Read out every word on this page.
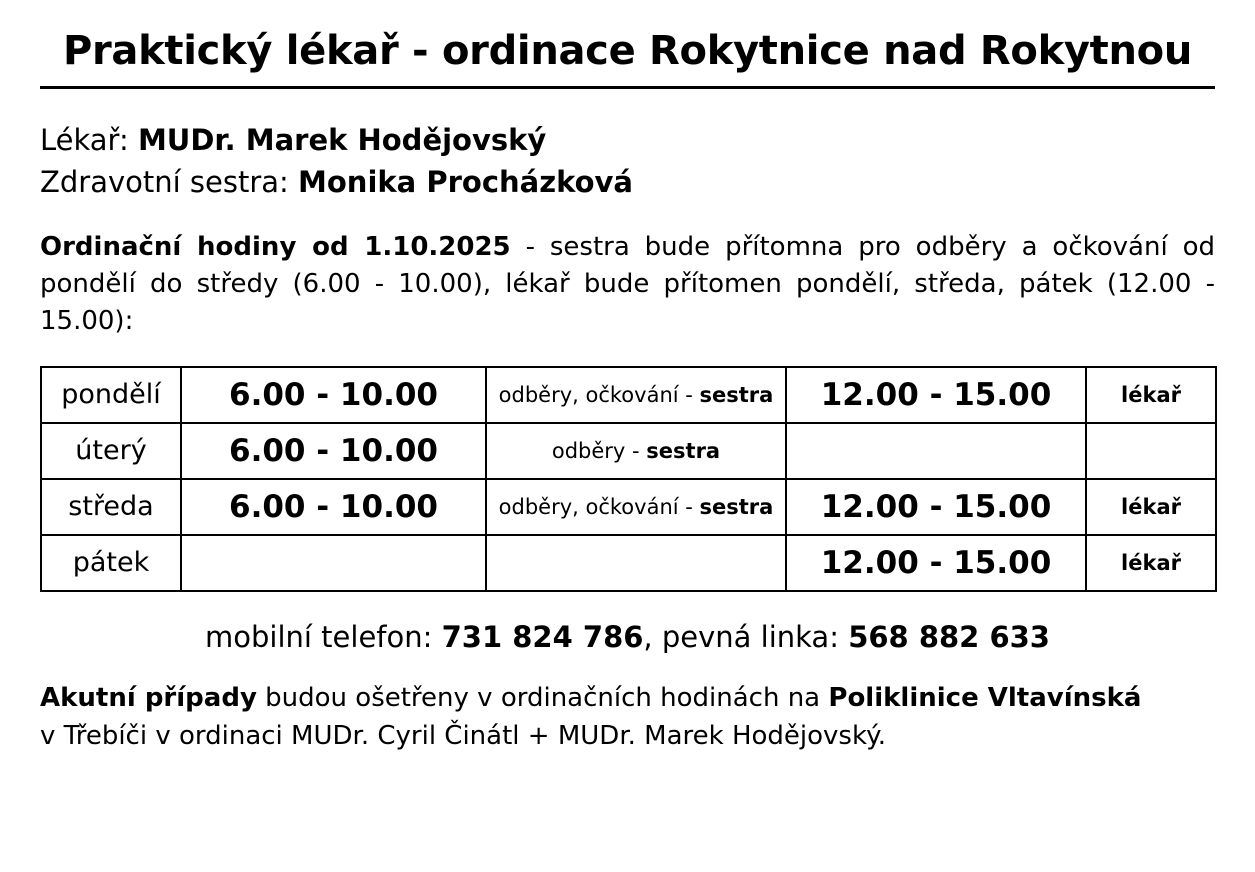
Praktický lékař - ordinace Rokytnice nad Rokytnou
Lékař: MUDr. Marek Hodějovský
Zdravotní sestra: Monika Procházková
Ordinační hodiny od 1.10.2025 - sestra bude přítomna pro odběry a očkování od pondělí do středy (6.00 - 10.00), lékař bude přítomen pondělí, středa, pátek (12.00 - 15.00):
pondělí	6.00 - 10.00	odběry, očkování - sestra	12.00 - 15.00	lékař
úterý	6.00 - 10.00	odběry - sestra		
středa	6.00 - 10.00	odběry, očkování - sestra	12.00 - 15.00	lékař
pátek			12.00 - 15.00	lékař
mobilní telefon: 731 824 786, pevná linka: 568 882 633
Akutní případy budou ošetřeny v ordinačních hodinách na Poliklinice Vltavínská
v Třebíči v ordinaci MUDr. Cyril Činátl + MUDr. Marek Hodějovský.
